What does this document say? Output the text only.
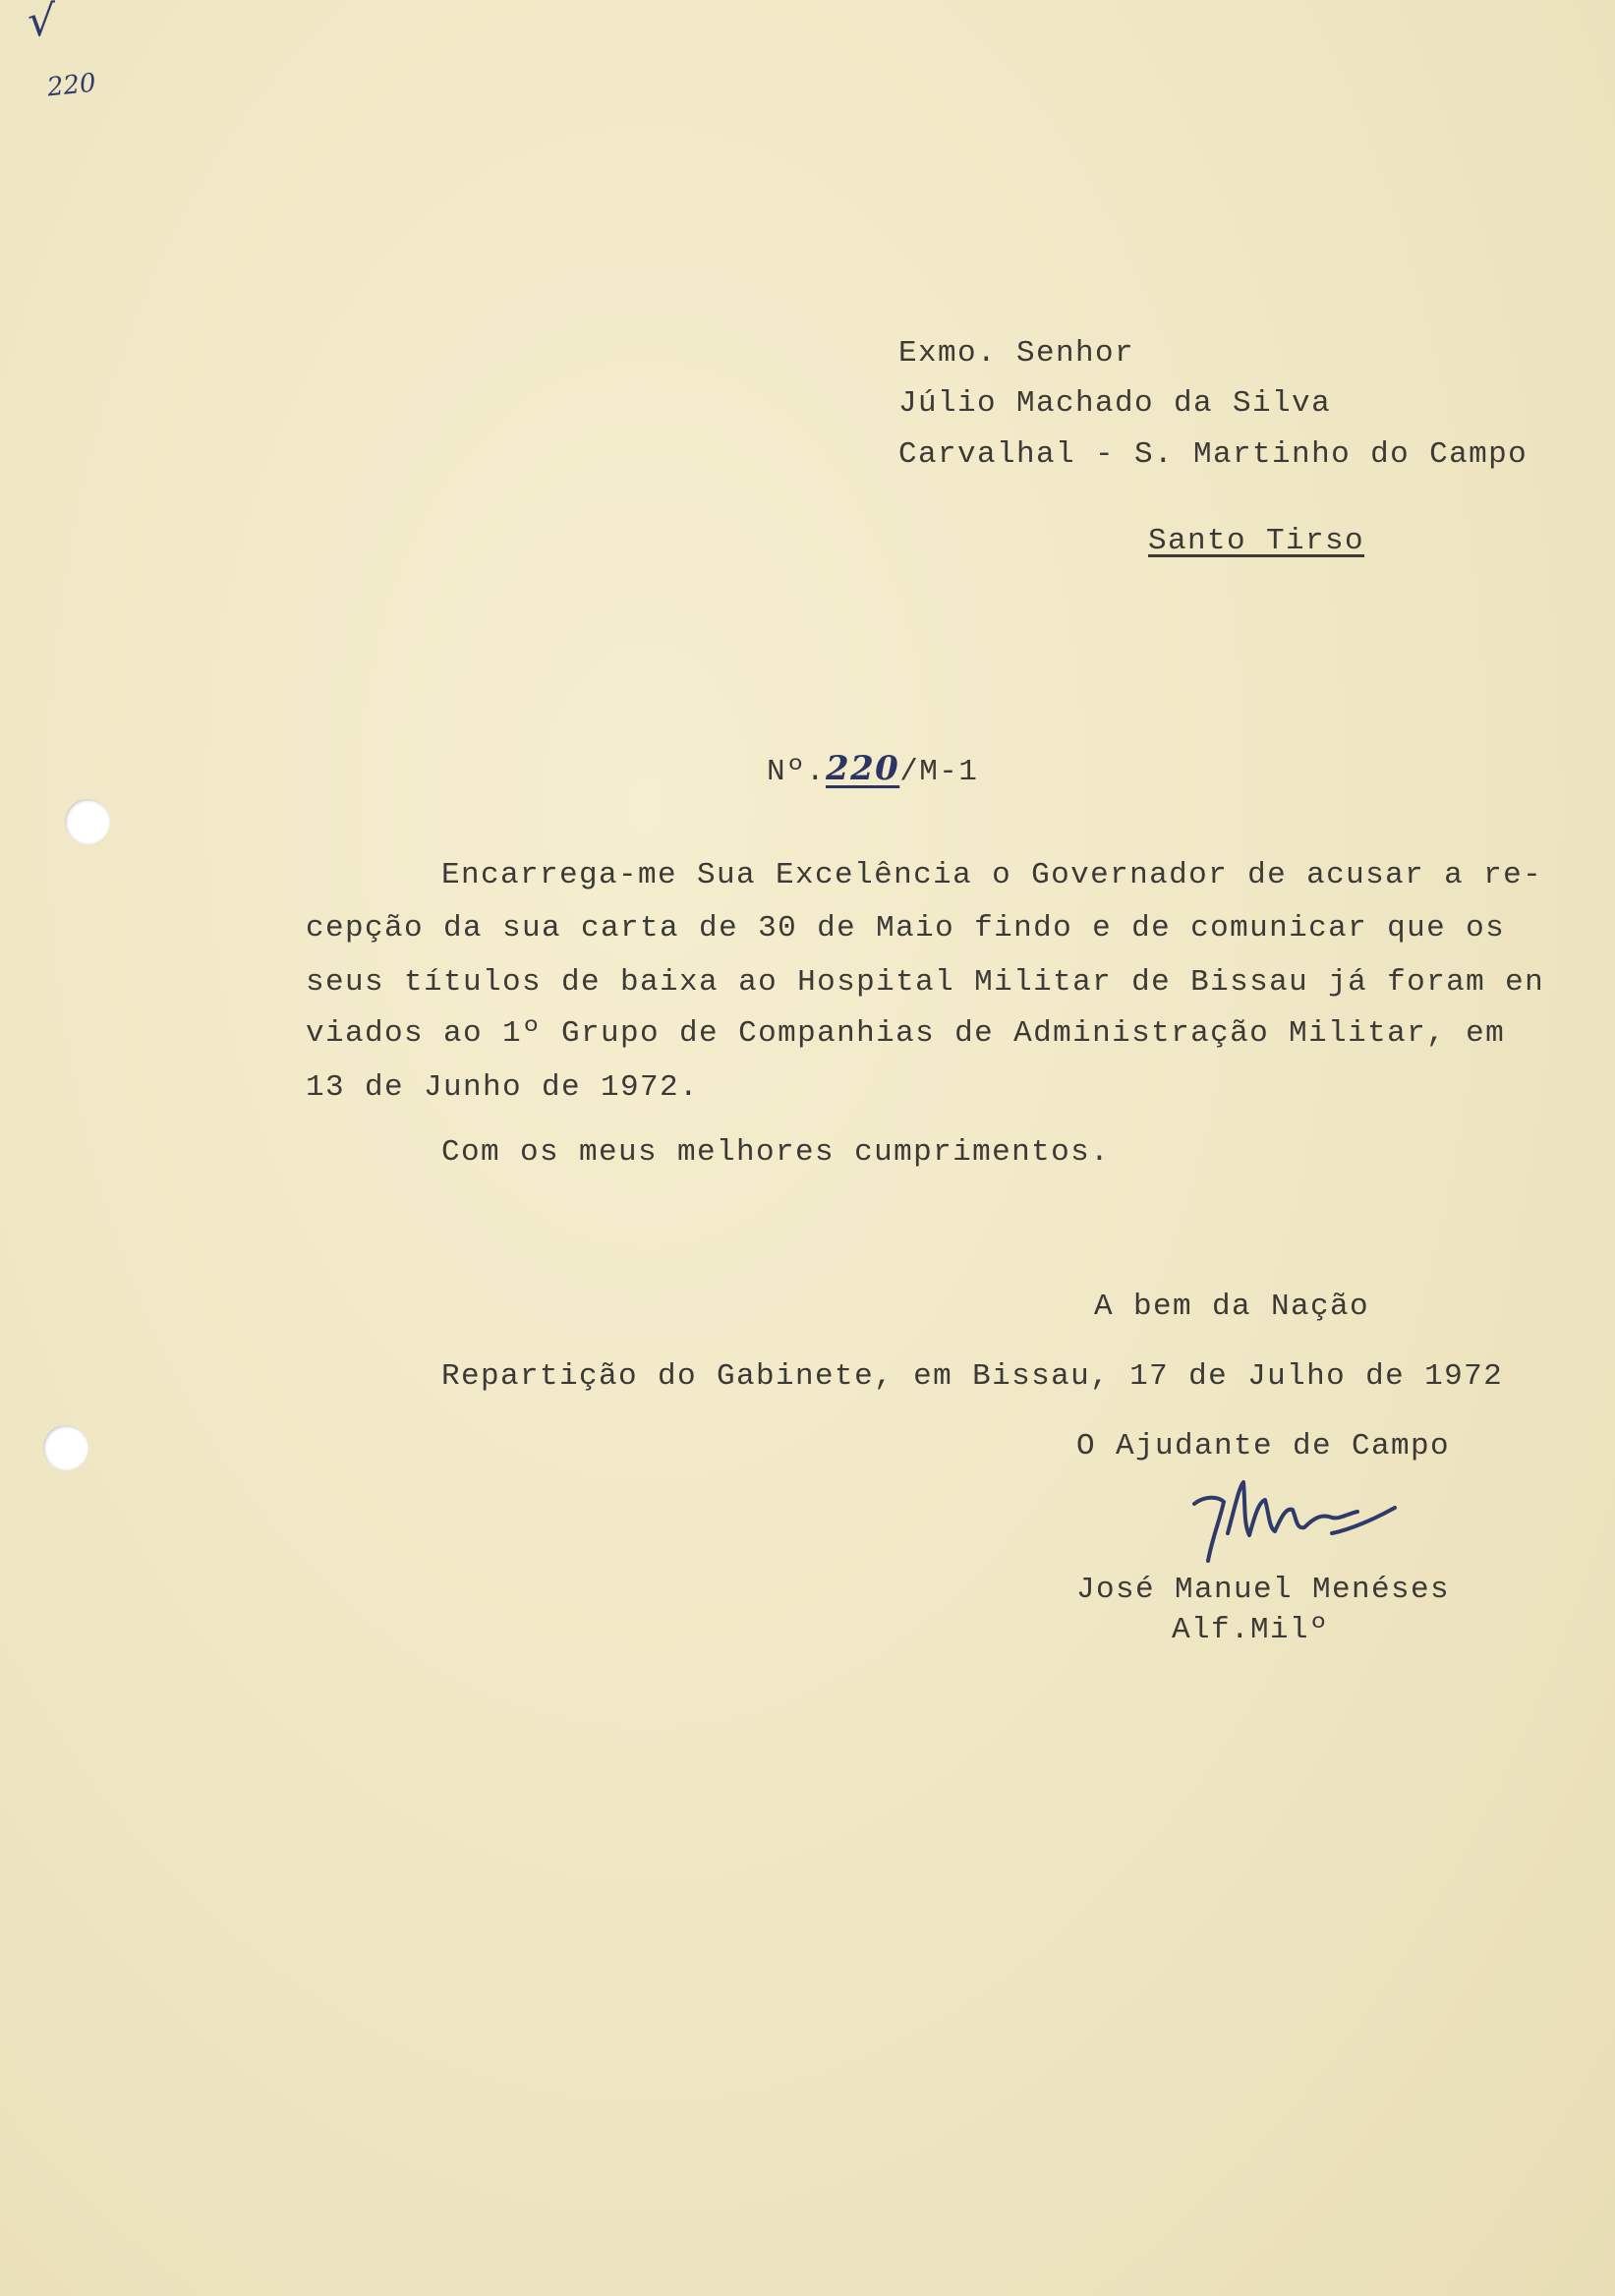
√
220
Exmo. Senhor
Júlio Machado da Silva
Carvalhal - S. Martinho do Campo
Santo Tirso
Nº.220/M-1
Encarrega-me Sua Excelência o Governador de acusar a re-
cepção da sua carta de 30 de Maio findo e de comunicar que os
seus títulos de baixa ao Hospital Militar de Bissau já foram en
viados ao 1º Grupo de Companhias de Administração Militar, em
13 de Junho de 1972.
Com os meus melhores cumprimentos.
A bem da Nação
Repartição do Gabinete, em Bissau, 17 de Julho de 1972
O Ajudante de Campo
José Manuel Menéses
Alf.Milº
